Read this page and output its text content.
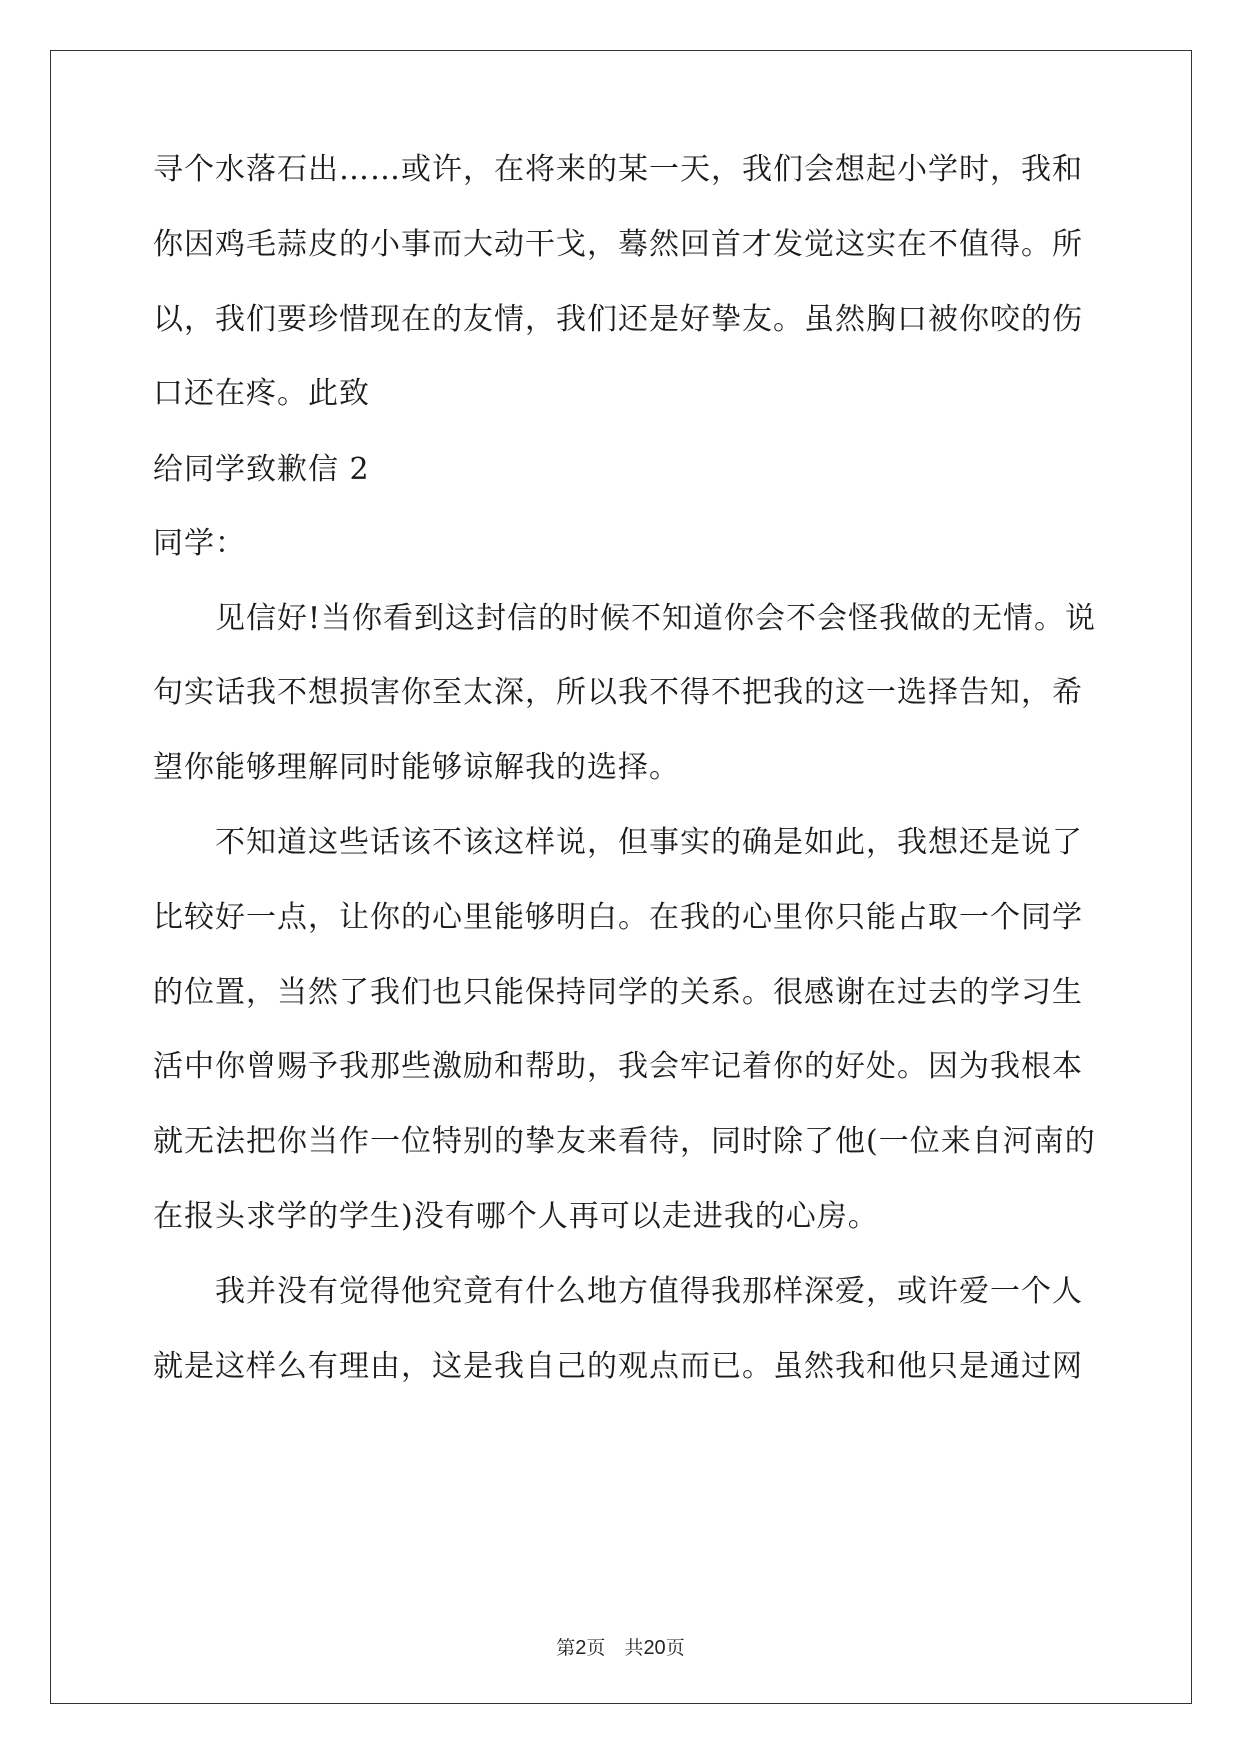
寻个水落石出……或许，在将来的某一天，我们会想起小学时，我和
你因鸡毛蒜皮的小事而大动干戈，蓦然回首才发觉这实在不值得。所
以，我们要珍惜现在的友情，我们还是好挚友。虽然胸口被你咬的伤
口还在疼。此致
给同学致歉信 2
同学：
见信好!当你看到这封信的时候不知道你会不会怪我做的无情。说
句实话我不想损害你至太深，所以我不得不把我的这一选择告知，希
望你能够理解同时能够谅解我的选择。
不知道这些话该不该这样说，但事实的确是如此，我想还是说了
比较好一点，让你的心里能够明白。在我的心里你只能占取一个同学
的位置，当然了我们也只能保持同学的关系。很感谢在过去的学习生
活中你曾赐予我那些激励和帮助，我会牢记着你的好处。因为我根本
就无法把你当作一位特别的挚友来看待，同时除了他(一位来自河南的
在报头求学的学生)没有哪个人再可以走进我的心房。
我并没有觉得他究竟有什么地方值得我那样深爱，或许爱一个人
就是这样么有理由，这是我自己的观点而已。虽然我和他只是通过网
第2页　共20页
